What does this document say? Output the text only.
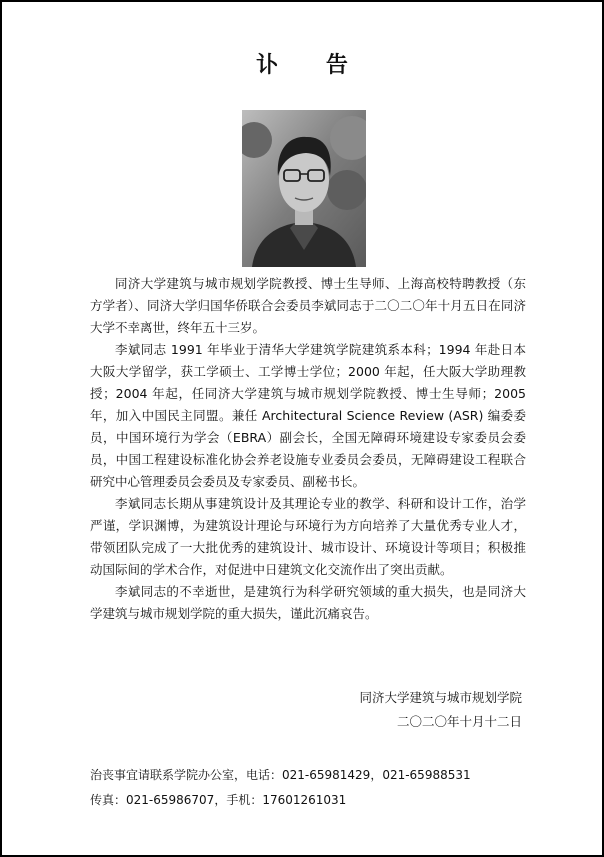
讣 告

同济大学建筑与城市规划学院教授、博士生导师、上海高校特聘教授（东方学者）、同济大学归国华侨联合会委员李斌同志于二〇二〇年十月五日在同济大学不幸离世，终年五十三岁。

李斌同志 1991 年毕业于清华大学建筑学院建筑系本科；1994 年赴日本大阪大学留学，获工学硕士、工学博士学位；2000 年起，任大阪大学助理教授；2004 年起，任同济大学建筑与城市规划学院教授、博士生导师；2005 年，加入中国民主同盟。兼任 Architectural Science Review (ASR) 编委委员，中国环境行为学会（EBRA）副会长，全国无障碍环境建设专家委员会委员，中国工程建设标准化协会养老设施专业委员会委员，无障碍建设工程联合研究中心管理委员会委员及专家委员、副秘书长。

李斌同志长期从事建筑设计及其理论专业的教学、科研和设计工作，治学严谨，学识渊博，为建筑设计理论与环境行为方向培养了大量优秀专业人才，带领团队完成了一大批优秀的建筑设计、城市设计、环境设计等项目；积极推动国际间的学术合作，对促进中日建筑文化交流作出了突出贡献。

李斌同志的不幸逝世，是建筑行为科学研究领域的重大损失，也是同济大学建筑与城市规划学院的重大损失，谨此沉痛哀告。

同济大学建筑与城市规划学院
二〇二〇年十月十二日
治丧事宜请联系学院办公室，电话：021-65981429，021-65988531
传真：021-65986707，手机：17601261031
